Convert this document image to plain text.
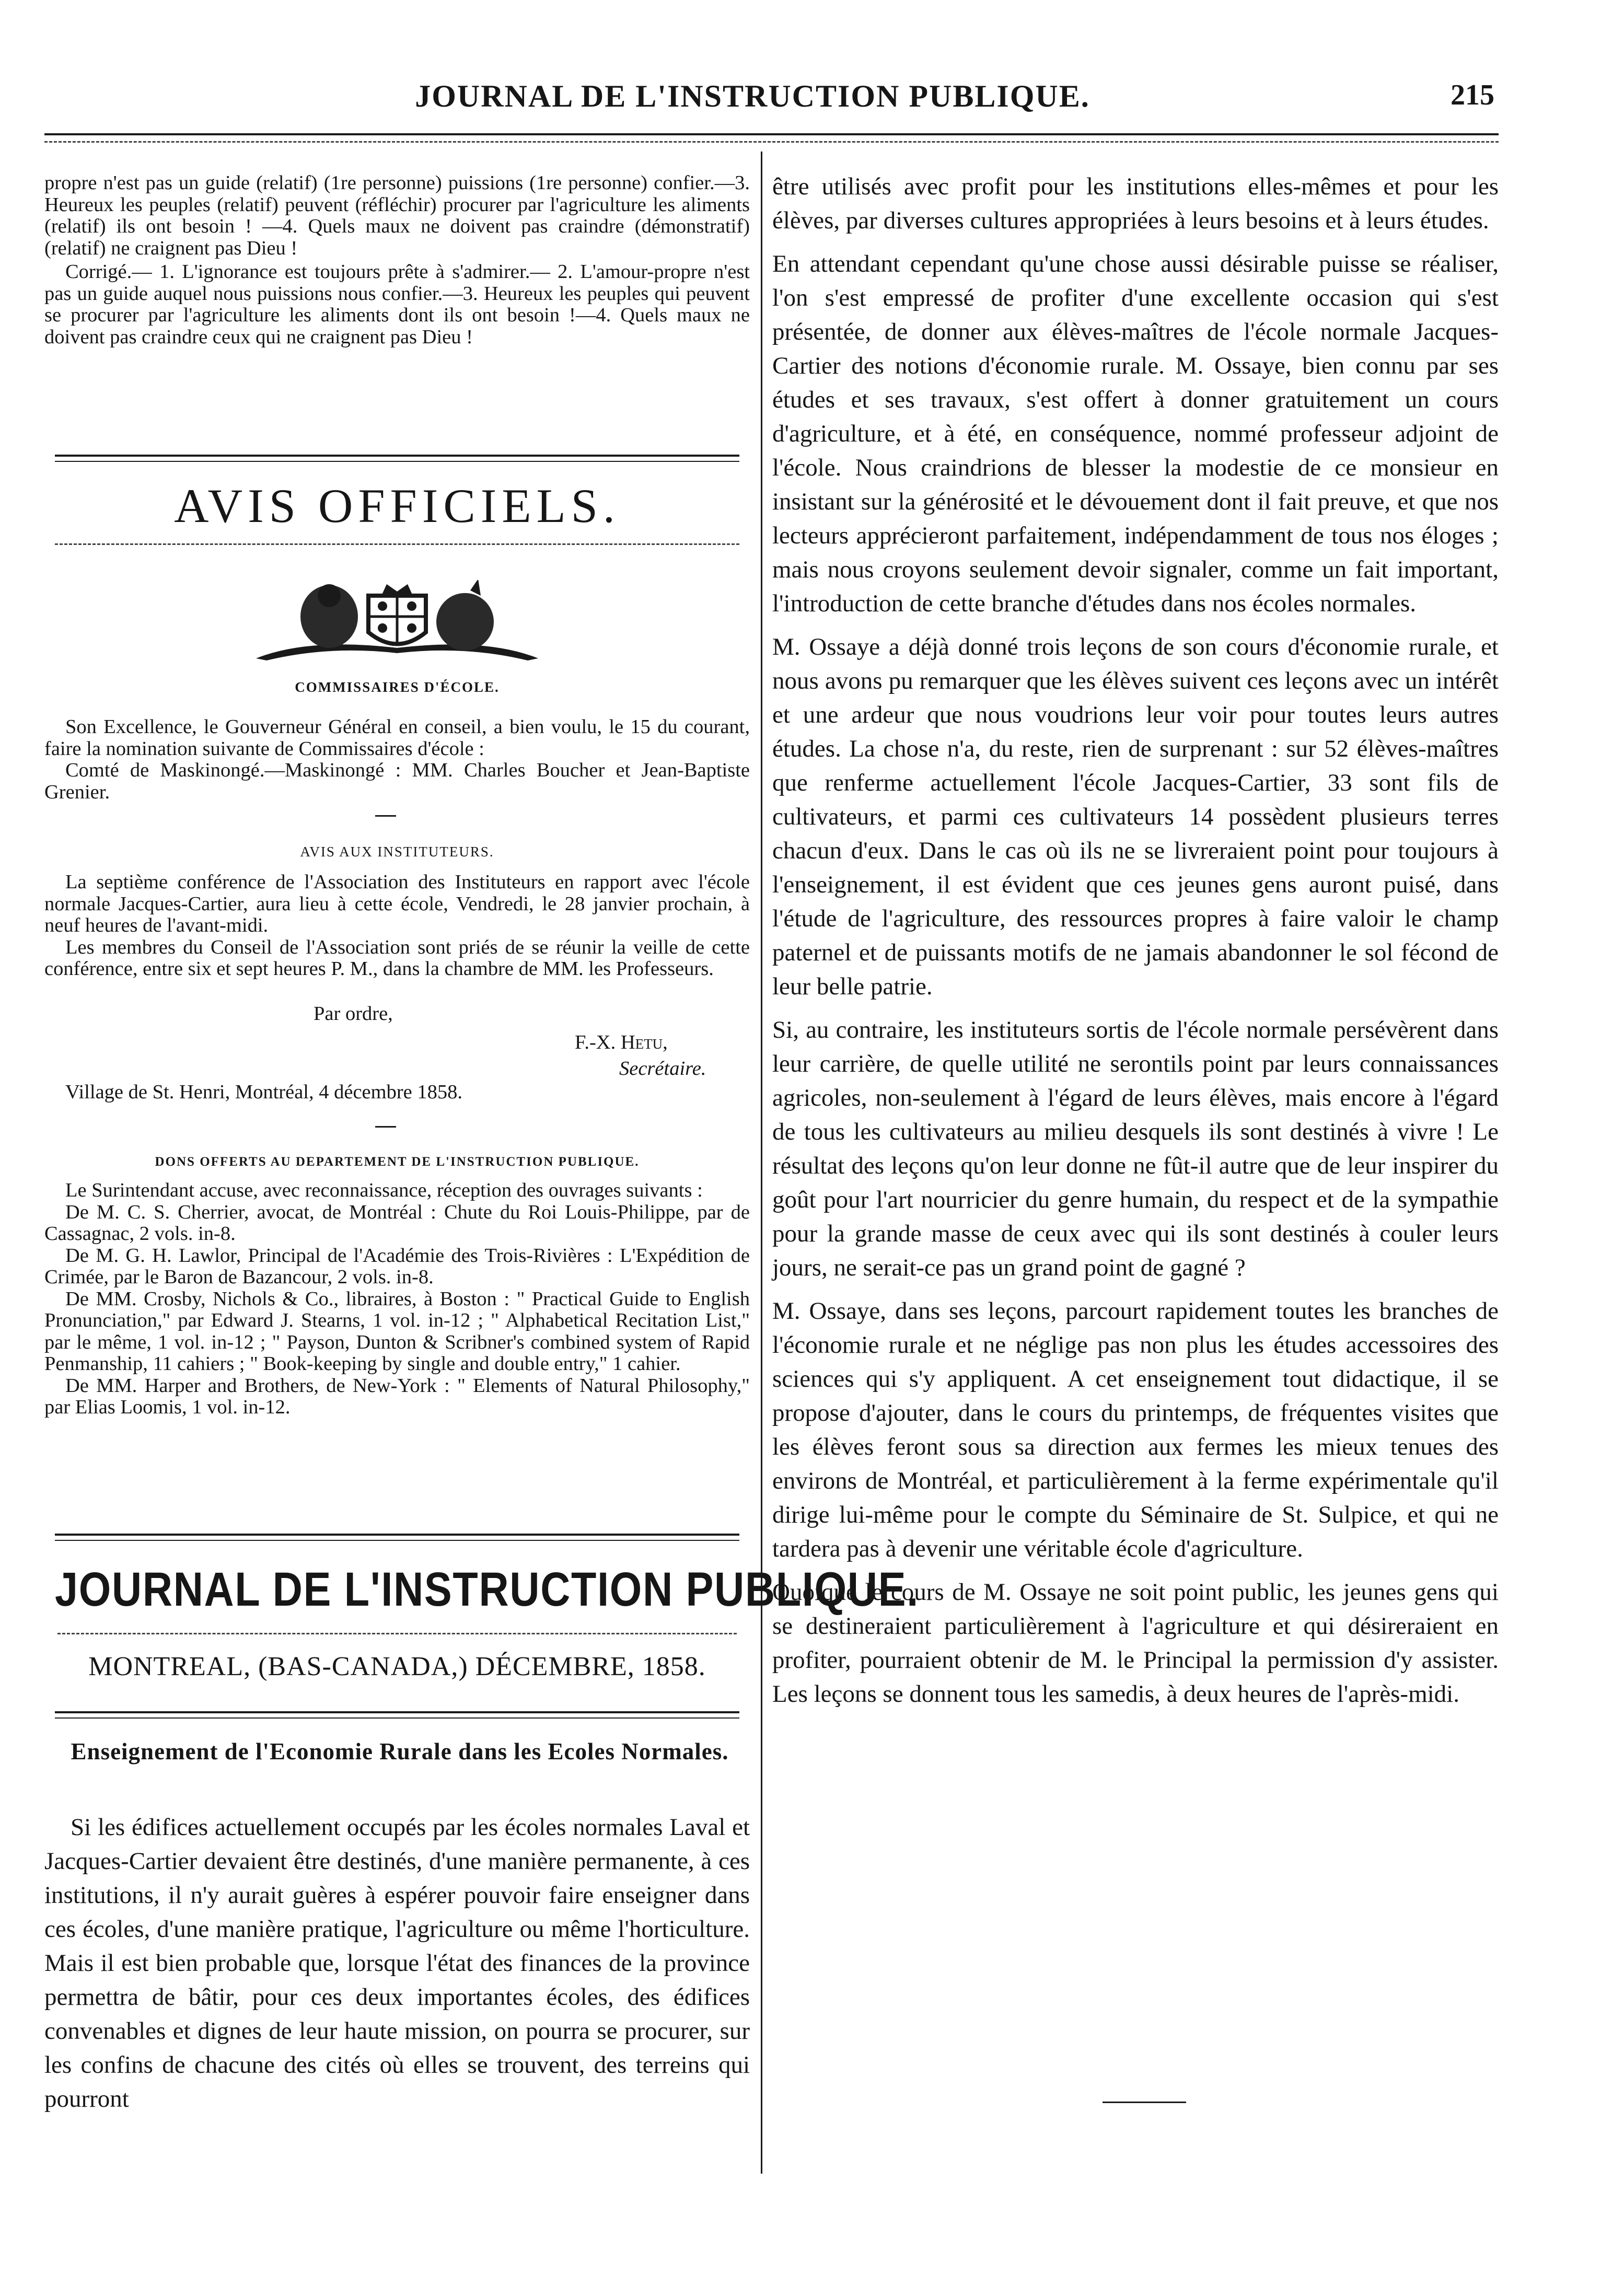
JOURNAL DE L'INSTRUCTION PUBLIQUE.	215

propre n'est pas un guide (relatif) (1re personne) puissions (1re personne) confier.—3. Heureux les peuples (relatif) peuvent (réfléchir) procurer par l'agriculture les aliments (relatif) ils ont besoin ! —4. Quels maux ne doivent pas craindre (démonstratif) (relatif) ne craignent pas Dieu !

Corrigé.— 1. L'ignorance est toujours prête à s'admirer.— 2. L'amour-propre n'est pas un guide auquel nous puissions nous confier.—3. Heureux les peuples qui peuvent se procurer par l'agriculture les aliments dont ils ont besoin !—4. Quels maux ne doivent pas craindre ceux qui ne craignent pas Dieu !

AVIS OFFICIELS.
DIEU ET MON DROIT

COMMISSAIRES D'ÉCOLE.

Son Excellence, le Gouverneur Général en conseil, a bien voulu, le 15 du courant, faire la nomination suivante de Commissaires d'école :

Comté de Maskinongé.—Maskinongé : MM. Charles Boucher et Jean-Baptiste Grenier.

AVIS AUX INSTITUTEURS.

La septième conférence de l'Association des Instituteurs en rapport avec l'école normale Jacques-Cartier, aura lieu à cette école, Vendredi, le 28 janvier prochain, à neuf heures de l'avant-midi.

Les membres du Conseil de l'Association sont priés de se réunir la veille de cette conférence, entre six et sept heures P. M., dans la chambre de MM. les Professeurs.

Par ordre,
F.-X. Hetu,
Secrétaire.
Village de St. Henri, Montréal, 4 décembre 1858.

DONS OFFERTS AU DEPARTEMENT DE L'INSTRUCTION PUBLIQUE.

Le Surintendant accuse, avec reconnaissance, réception des ouvrages suivants :

De M. C. S. Cherrier, avocat, de Montréal : Chute du Roi Louis-Philippe, par de Cassagnac, 2 vols. in-8.

De M. G. H. Lawlor, Principal de l'Académie des Trois-Rivières : L'Expédition de Crimée, par le Baron de Bazancour, 2 vols. in-8.

De MM. Crosby, Nichols & Co., libraires, à Boston : " Practical Guide to English Pronunciation," par Edward J. Stearns, 1 vol. in-12 ; " Alphabetical Recitation List," par le même, 1 vol. in-12 ; " Payson, Dunton & Scribner's combined system of Rapid Penmanship, 11 cahiers ; " Book-keeping by single and double entry," 1 cahier.

De MM. Harper and Brothers, de New-York : " Elements of Natural Philosophy," par Elias Loomis, 1 vol. in-12.

JOURNAL DE L'INSTRUCTION PUBLIQUE.
MONTREAL, (BAS-CANADA,) DÉCEMBRE, 1858.
Enseignement de l'Economie Rurale dans les Ecoles Normales.

Si les édifices actuellement occupés par les écoles normales Laval et Jacques-Cartier devaient être destinés, d'une manière permanente, à ces institutions, il n'y aurait guères à espérer pouvoir faire enseigner dans ces écoles, d'une manière pratique, l'agriculture ou même l'horticulture. Mais il est bien probable que, lorsque l'état des finances de la province permettra de bâtir, pour ces deux importantes écoles, des édifices convenables et dignes de leur haute mission, on pourra se procurer, sur les confins de chacune des cités où elles se trouvent, des terreins qui pourront

être utilisés avec profit pour les institutions elles-mêmes et pour les élèves, par diverses cultures appropriées à leurs besoins et à leurs études.

En attendant cependant qu'une chose aussi désirable puisse se réaliser, l'on s'est empressé de profiter d'une excellente occasion qui s'est présentée, de donner aux élèves-maîtres de l'école normale Jacques-Cartier des notions d'économie rurale. M. Ossaye, bien connu par ses études et ses travaux, s'est offert à donner gratuitement un cours d'agriculture, et à été, en conséquence, nommé professeur adjoint de l'école. Nous craindrions de blesser la modestie de ce monsieur en insistant sur la générosité et le dévouement dont il fait preuve, et que nos lecteurs apprécieront parfaitement, indépendamment de tous nos éloges ; mais nous croyons seulement devoir signaler, comme un fait important, l'introduction de cette branche d'études dans nos écoles normales.

M. Ossaye a déjà donné trois leçons de son cours d'économie rurale, et nous avons pu remarquer que les élèves suivent ces leçons avec un intérêt et une ardeur que nous voudrions leur voir pour toutes leurs autres études. La chose n'a, du reste, rien de surprenant : sur 52 élèves-maîtres que renferme actuellement l'école Jacques-Cartier, 33 sont fils de cultivateurs, et parmi ces cultivateurs 14 possèdent plusieurs terres chacun d'eux. Dans le cas où ils ne se livreraient point pour toujours à l'enseignement, il est évident que ces jeunes gens auront puisé, dans l'étude de l'agriculture, des ressources propres à faire valoir le champ paternel et de puissants motifs de ne jamais abandonner le sol fécond de leur belle patrie.

Si, au contraire, les instituteurs sortis de l'école normale persévèrent dans leur carrière, de quelle utilité ne serontils point par leurs connaissances agricoles, non-seulement à l'égard de leurs élèves, mais encore à l'égard de tous les cultivateurs au milieu desquels ils sont destinés à vivre ! Le résultat des leçons qu'on leur donne ne fût-il autre que de leur inspirer du goût pour l'art nourricier du genre humain, du respect et de la sympathie pour la grande masse de ceux avec qui ils sont destinés à couler leurs jours, ne serait-ce pas un grand point de gagné ?

M. Ossaye, dans ses leçons, parcourt rapidement toutes les branches de l'économie rurale et ne néglige pas non plus les études accessoires des sciences qui s'y appliquent. A cet enseignement tout didactique, il se propose d'ajouter, dans le cours du printemps, de fréquentes visites que les élèves feront sous sa direction aux fermes les mieux tenues des environs de Montréal, et particulièrement à la ferme expérimentale qu'il dirige lui-même pour le compte du Séminaire de St. Sulpice, et qui ne tardera pas à devenir une véritable école d'agriculture.

Quoique le cours de M. Ossaye ne soit point public, les jeunes gens qui se destineraient particulièrement à l'agriculture et qui désireraient en profiter, pourraient obtenir de M. le Principal la permission d'y assister. Les leçons se donnent tous les samedis, à deux heures de l'après-midi.
